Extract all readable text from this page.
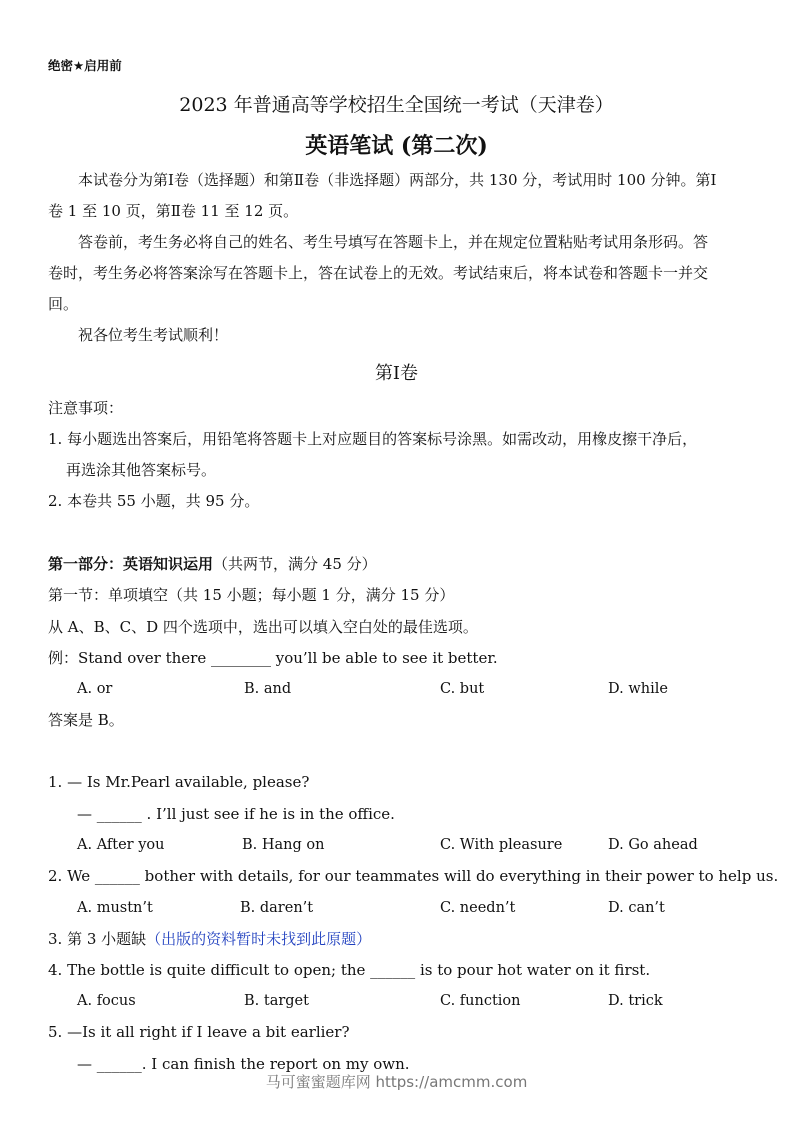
绝密★启用前
2023 年普通高等学校招生全国统一考试（天津卷）
英语笔试 (第二次)
本试卷分为第Ⅰ卷（选择题）和第Ⅱ卷（非选择题）两部分，共 130 分，考试用时 100 分钟。第Ⅰ
卷 1 至 10 页，第Ⅱ卷 11 至 12 页。
答卷前，考生务必将自己的姓名、考生号填写在答题卡上，并在规定位置粘贴考试用条形码。答
卷时，考生务必将答案涂写在答题卡上，答在试卷上的无效。考试结束后，将本试卷和答题卡一并交
回。
祝各位考生考试顺利！
第Ⅰ卷
注意事项：
1. 每小题选出答案后，用铅笔将答题卡上对应题目的答案标号涂黑。如需改动，用橡皮擦干净后，
再选涂其他答案标号。
2. 本卷共 55 小题，共 95 分。
第一部分：英语知识运用（共两节，满分 45 分）
第一节：单项填空（共 15 小题；每小题 1 分，满分 15 分）
从 A、B、C、D 四个选项中，选出可以填入空白处的最佳选项。
例：Stand over there ________ you’ll be able to see it better.
A. or	B. and	C. but	D. while
答案是 B。
1. — Is Mr.Pearl available, please?
— ______ . I’ll just see if he is in the office.
A. After you	B. Hang on	C. With pleasure	D. Go ahead
2. We ______ bother with details, for our teammates will do everything in their power to help us.
A. mustn’t	B. daren’t	C. needn’t	D. can’t
3. 第 3 小题缺（出版的资料暂时未找到此原题）
4. The bottle is quite difficult to open; the ______ is to pour hot water on it first.
A. focus	B. target	C. function	D. trick
5. —Is it all right if I leave a bit earlier?
— ______. I can finish the report on my own.
马可蜜蜜题库网 https://amcmm.com
